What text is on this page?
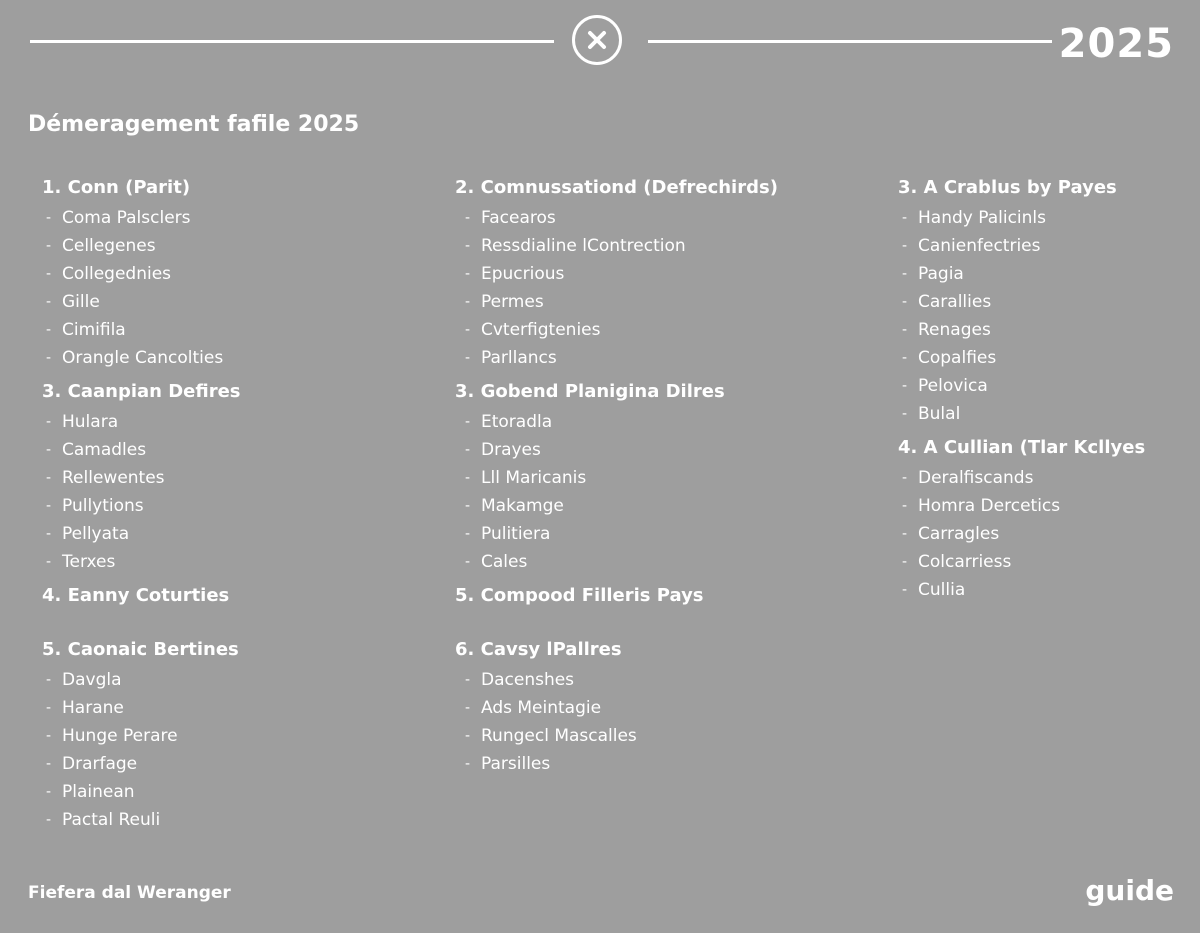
2025
Démeragement fafile 2025
1. Conn (Parit)
- Coma Palsclers
- Cellegenes
- Collegednies
- Gille
- Cimifila
- Orangle Cancolties
3. Caanpian Defires
- Hulara
- Camadles
- Rellewentes
- Pullytions
- Pellyata
- Terxes
4. Eanny Coturties
5. Caonaic Bertines
- Davgla
- Harane
- Hunge Perare
- Drarfage
- Plainean
- Pactal Reuli
2. Comnussationd (Defrechirds)
- Facearos
- Ressdialine lContrection
- Epucrious
- Permes
- Cvterfigtenies
- Parllancs
3. Gobend Planigina Dilres
- Etoradla
- Drayes
- Lll Maricanis
- Makamge
- Pulitiera
- Cales
5. Compood Filleris Pays
6. Cavsy lPallres
- Dacenshes
- Ads Meintagie
- Rungecl Mascalles
- Parsilles
3. A Crablus by Payes
- Handy Palicinls
- Canienfectries
- Pagia
- Carallies
- Renages
- Copalfies
- Pelovica
- Bulal
4. A Cullian (Tlar Kcllyes
- Deralfiscands
- Homra Dercetics
- Carragles
- Colcarriess
- Cullia
Fiefera dal Weranger	guide
